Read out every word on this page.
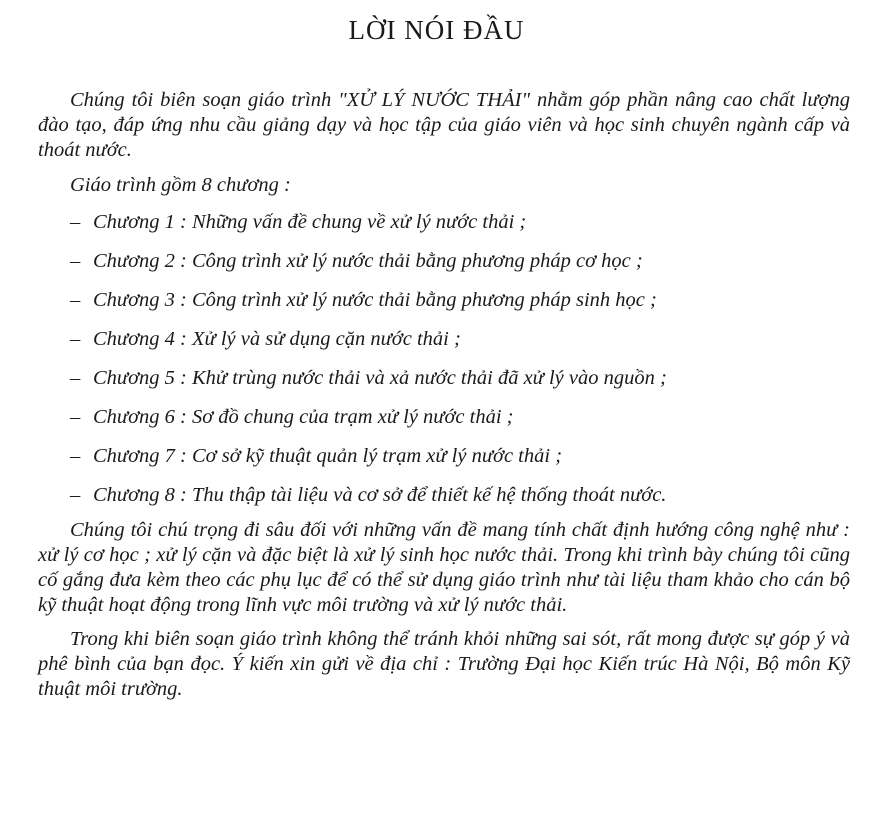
LỜI NÓI ĐẦU

Chúng tôi biên soạn giáo trình "XỬ LÝ NƯỚC THẢI" nhằm góp phần nâng cao chất lượng đào tạo, đáp ứng nhu cầu giảng dạy và học tập của giáo viên và học sinh chuyên ngành cấp và thoát nước.

Giáo trình gồm 8 chương :

– Chương 1 : Những vấn đề chung về xử lý nước thải ;
– Chương 2 : Công trình xử lý nước thải bằng phương pháp cơ học ;
– Chương 3 : Công trình xử lý nước thải bằng phương pháp sinh học ;
– Chương 4 : Xử lý và sử dụng cặn nước thải ;
– Chương 5 : Khử trùng nước thải và xả nước thải đã xử lý vào nguồn ;
– Chương 6 : Sơ đồ chung của trạm xử lý nước thải ;
– Chương 7 : Cơ sở kỹ thuật quản lý trạm xử lý nước thải ;
– Chương 8 : Thu thập tài liệu và cơ sở để thiết kế hệ thống thoát nước.

Chúng tôi chú trọng đi sâu đối với những vấn đề mang tính chất định hướng công nghệ như : xử lý cơ học ; xử lý cặn và đặc biệt là xử lý sinh học nước thải. Trong khi trình bày chúng tôi cũng cố gắng đưa kèm theo các phụ lục để có thể sử dụng giáo trình như tài liệu tham khảo cho cán bộ kỹ thuật hoạt động trong lĩnh vực môi trường và xử lý nước thải.

Trong khi biên soạn giáo trình không thể tránh khỏi những sai sót, rất mong được sự góp ý và phê bình của bạn đọc. Ý kiến xin gửi về địa chỉ : Trường Đại học Kiến trúc Hà Nội, Bộ môn Kỹ thuật môi trường.
